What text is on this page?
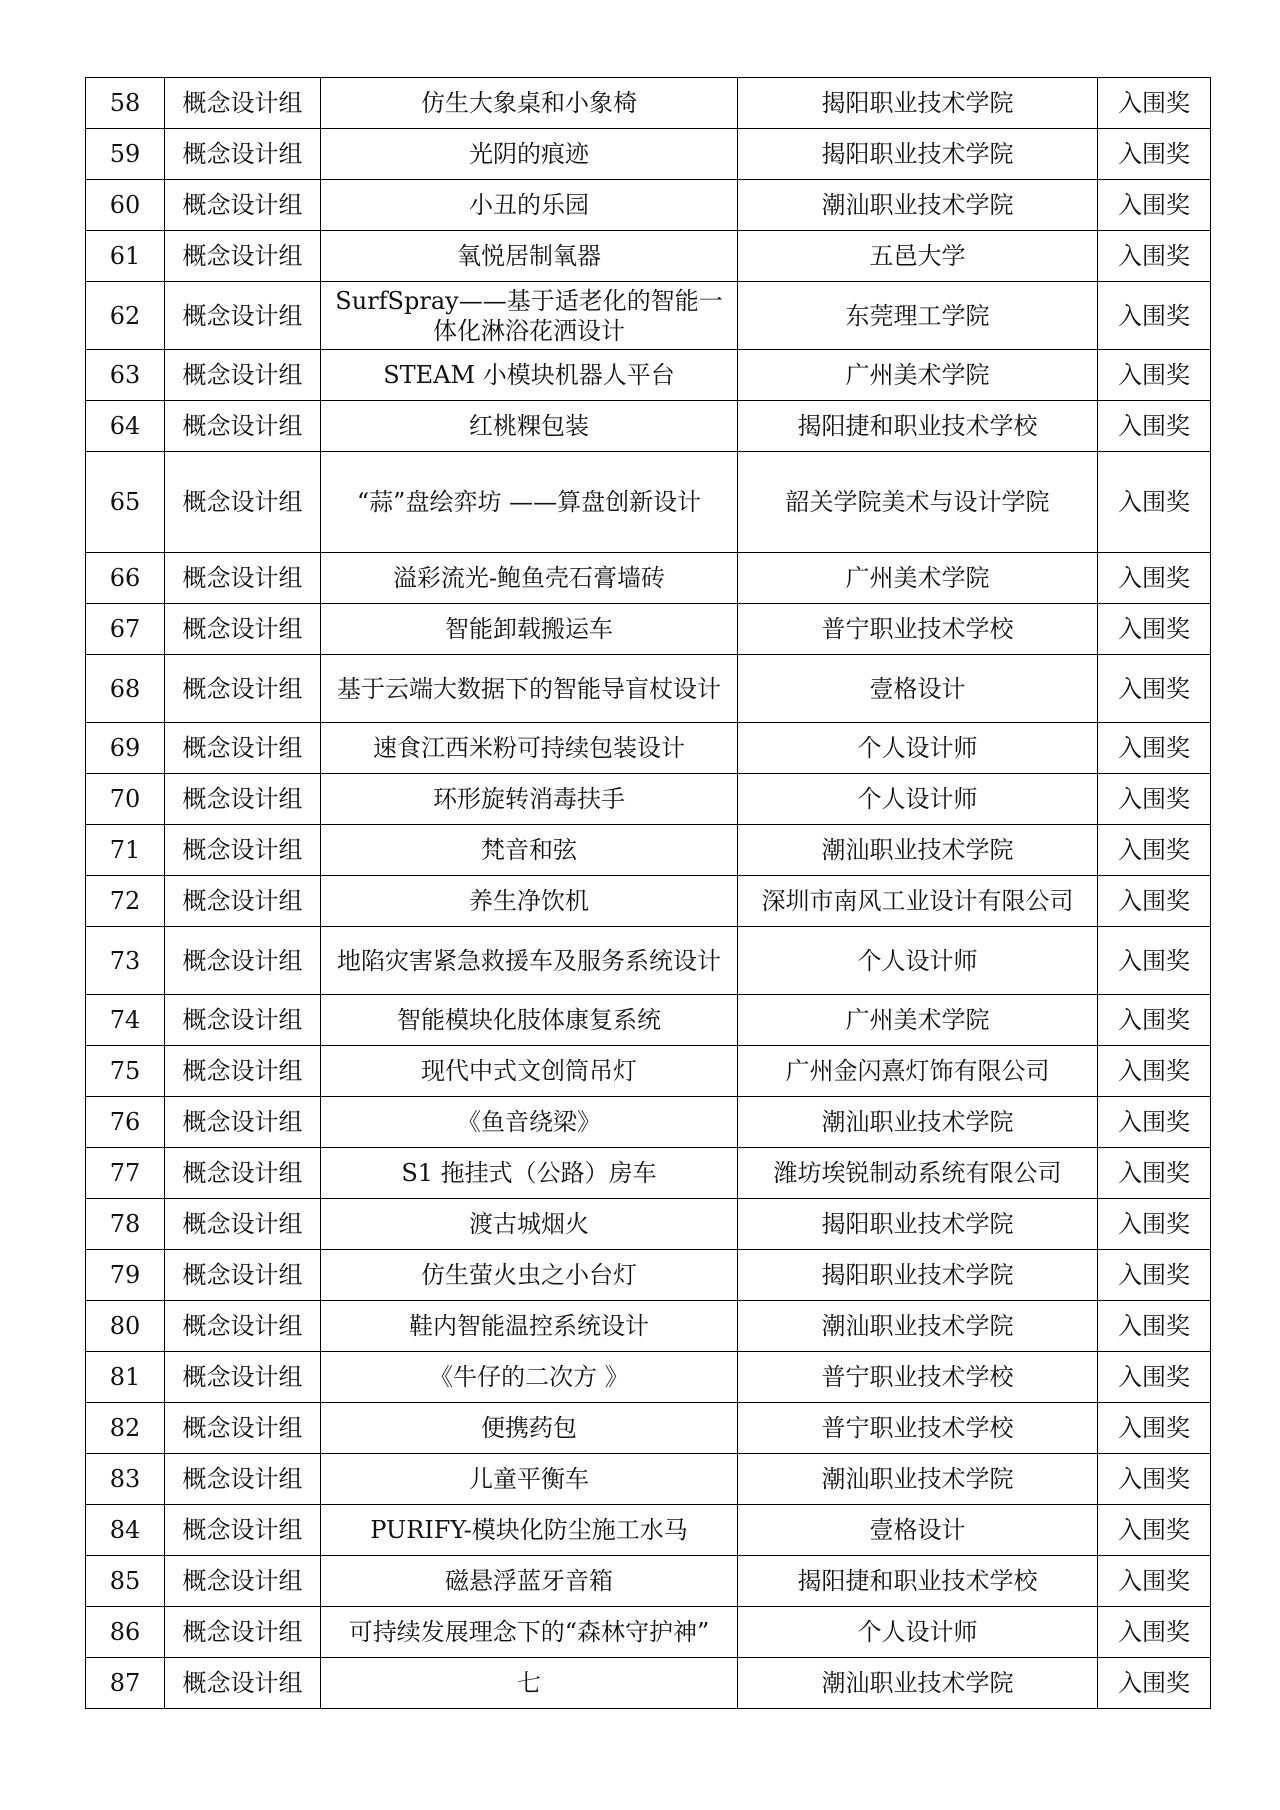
58	概念设计组	仿生大象桌和小象椅	揭阳职业技术学院	入围奖
59	概念设计组	光阴的痕迹	揭阳职业技术学院	入围奖
60	概念设计组	小丑的乐园	潮汕职业技术学院	入围奖
61	概念设计组	氧悦居制氧器	五邑大学	入围奖
62	概念设计组	SurfSpray——基于适老化的智能一体化淋浴花洒设计	东莞理工学院	入围奖
63	概念设计组	STEAM 小模块机器人平台	广州美术学院	入围奖
64	概念设计组	红桃粿包装	揭阳捷和职业技术学校	入围奖
65	概念设计组	“蒜”盘绘弈坊 ——算盘创新设计	韶关学院美术与设计学院	入围奖
66	概念设计组	溢彩流光-鲍鱼壳石膏墙砖	广州美术学院	入围奖
67	概念设计组	智能卸载搬运车	普宁职业技术学校	入围奖
68	概念设计组	基于云端大数据下的智能导盲杖设计	壹格设计	入围奖
69	概念设计组	速食江西米粉可持续包装设计	个人设计师	入围奖
70	概念设计组	环形旋转消毒扶手	个人设计师	入围奖
71	概念设计组	梵音和弦	潮汕职业技术学院	入围奖
72	概念设计组	养生净饮机	深圳市南风工业设计有限公司	入围奖
73	概念设计组	地陷灾害紧急救援车及服务系统设计	个人设计师	入围奖
74	概念设计组	智能模块化肢体康复系统	广州美术学院	入围奖
75	概念设计组	现代中式文创筒吊灯	广州金闪熹灯饰有限公司	入围奖
76	概念设计组	《鱼音绕梁》	潮汕职业技术学院	入围奖
77	概念设计组	S1 拖挂式（公路）房车	潍坊埃锐制动系统有限公司	入围奖
78	概念设计组	渡古城烟火	揭阳职业技术学院	入围奖
79	概念设计组	仿生萤火虫之小台灯	揭阳职业技术学院	入围奖
80	概念设计组	鞋内智能温控系统设计	潮汕职业技术学院	入围奖
81	概念设计组	《牛仔的二次方 》	普宁职业技术学校	入围奖
82	概念设计组	便携药包	普宁职业技术学校	入围奖
83	概念设计组	儿童平衡车	潮汕职业技术学院	入围奖
84	概念设计组	PURIFY-模块化防尘施工水马	壹格设计	入围奖
85	概念设计组	磁悬浮蓝牙音箱	揭阳捷和职业技术学校	入围奖
86	概念设计组	可持续发展理念下的“森林守护神”	个人设计师	入围奖
87	概念设计组	七	潮汕职业技术学院	入围奖
